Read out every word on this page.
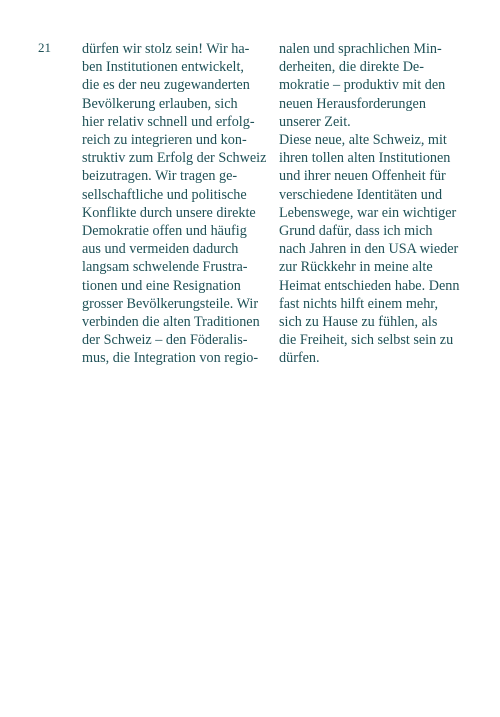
21 dürfen wir stolz sein! Wir ha-
ben Institutionen entwickelt,
die es der neu zugewanderten
Bevölkerung erlauben, sich
hier relativ schnell und erfolg-
reich zu integrieren und kon-
struktiv zum Erfolg der Schweiz
beizutragen. Wir tragen ge-
sellschaftliche und politische
Konflikte durch unsere direkte
Demokratie offen und häufig
aus und vermeiden dadurch
langsam schwelende Frustra-
tionen und eine Resignation
grosser Bevölkerungsteile. Wir
verbinden die alten Traditionen
der Schweiz – den Föderalis-
mus, die Integration von regio-
nalen und sprachlichen Min-
derheiten, die direkte De-
mokratie – produktiv mit den
neuen Herausforderungen
unserer Zeit.
Diese neue, alte Schweiz, mit
ihren tollen alten Institutionen
und ihrer neuen Offenheit für
verschiedene Identitäten und
Lebenswege, war ein wichtiger
Grund dafür, dass ich mich
nach Jahren in den USA wieder
zur Rückkehr in meine alte
Heimat entschieden habe. Denn
fast nichts hilft einem mehr,
sich zu Hause zu fühlen, als
die Freiheit, sich selbst sein zu
dürfen.
